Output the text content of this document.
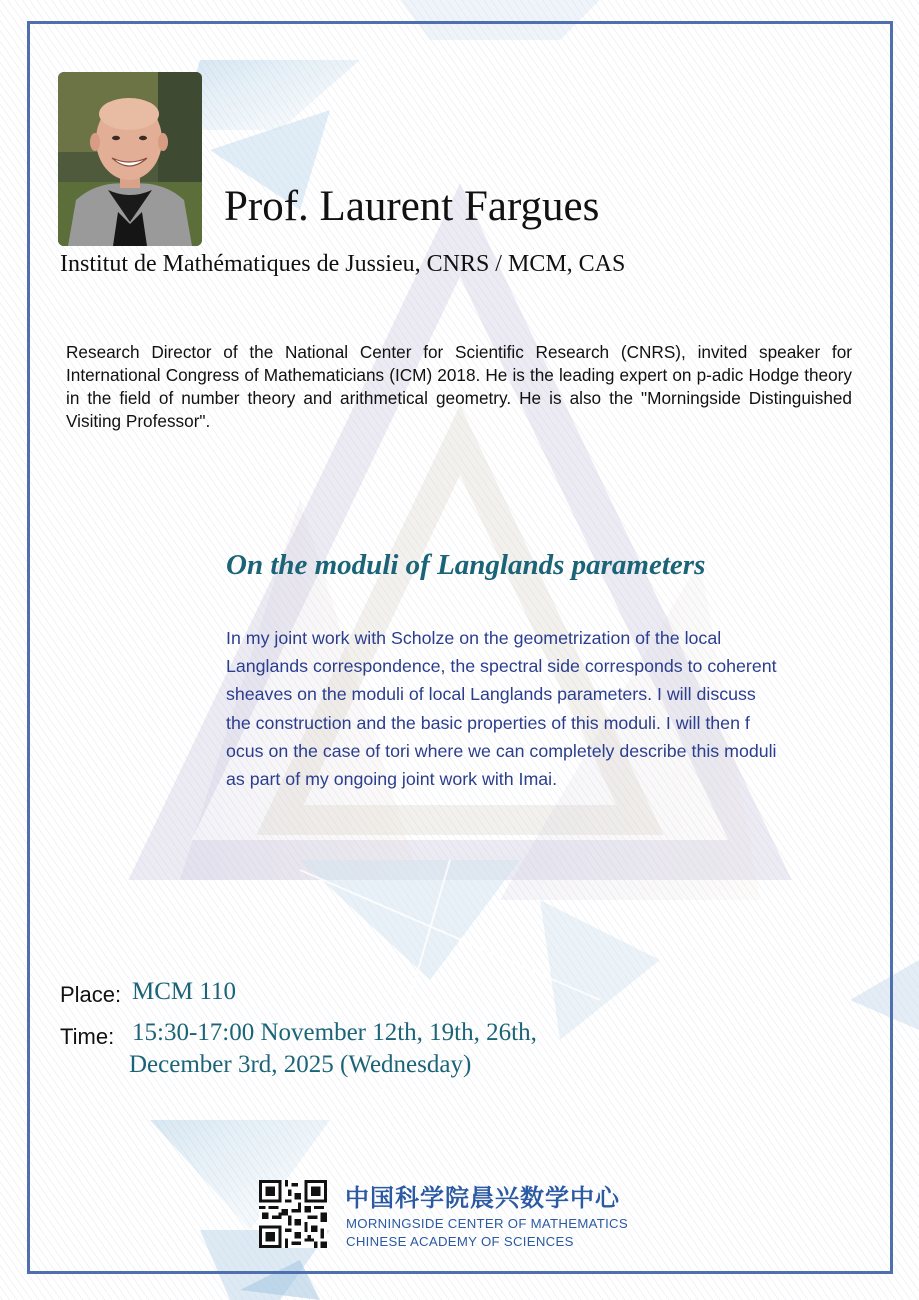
Prof. Laurent Fargues
Institut de Mathématiques de Jussieu, CNRS / MCM, CAS
Research Director of the National Center for Scientific Research (CNRS), invited speaker for International Congress of Mathematicians (ICM) 2018. He is the leading expert on p-adic Hodge theory in the field of number theory and arithmetical geometry. He is also the "Morningside Distinguished Visiting Professor".
On the moduli of Langlands parameters
In my joint work with Scholze on the geometrization of the local
Langlands correspondence, the spectral side corresponds to coherent
sheaves on the moduli of local Langlands parameters. I will discuss
the construction and the basic properties of this moduli. I will then f
ocus on the case of tori where we can completely describe this moduli
as part of my ongoing joint work with Imai.
Place: MCM 110
Time: 15:30-17:00 November 12th, 19th, 26th,
December 3rd, 2025 (Wednesday)
中国科学院晨兴数学中心
MORNINGSIDE CENTER OF MATHEMATICS
CHINESE ACADEMY OF SCIENCES
